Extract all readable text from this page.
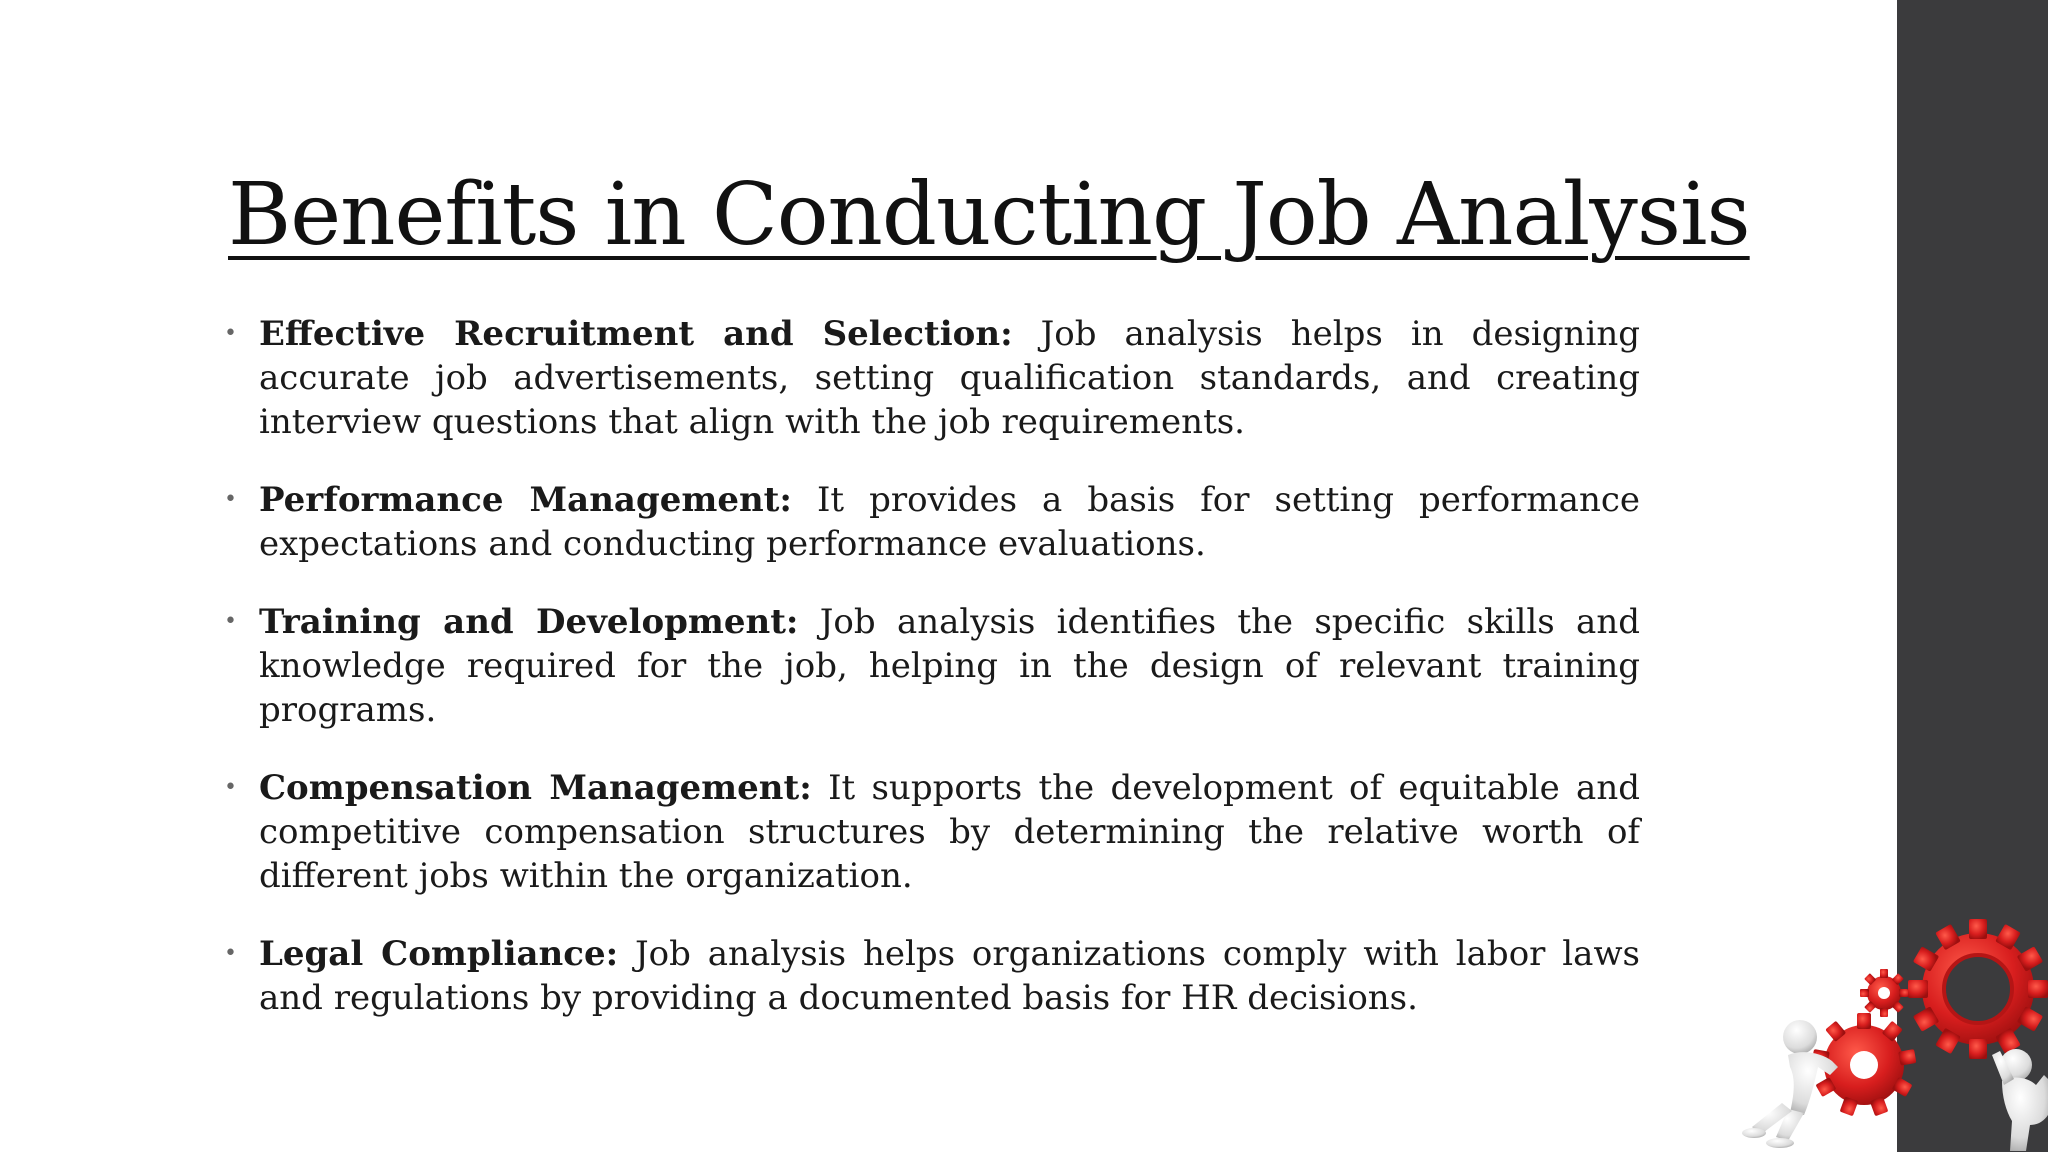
Benefits in Conducting Job Analysis
• Effective Recruitment and Selection: Job analysis helps in designing accurate job advertisements, setting qualification standards, and creating interview questions that align with the job requirements.
• Performance Management: It provides a basis for setting performance expectations and conducting performance evaluations.
• Training and Development: Job analysis identifies the specific skills and knowledge required for the job, helping in the design of relevant training programs.
• Compensation Management: It supports the development of equitable and competitive compensation structures by determining the relative worth of different jobs within the organization.
• Legal Compliance: Job analysis helps organizations comply with labor laws and regulations by providing a documented basis for HR decisions.
